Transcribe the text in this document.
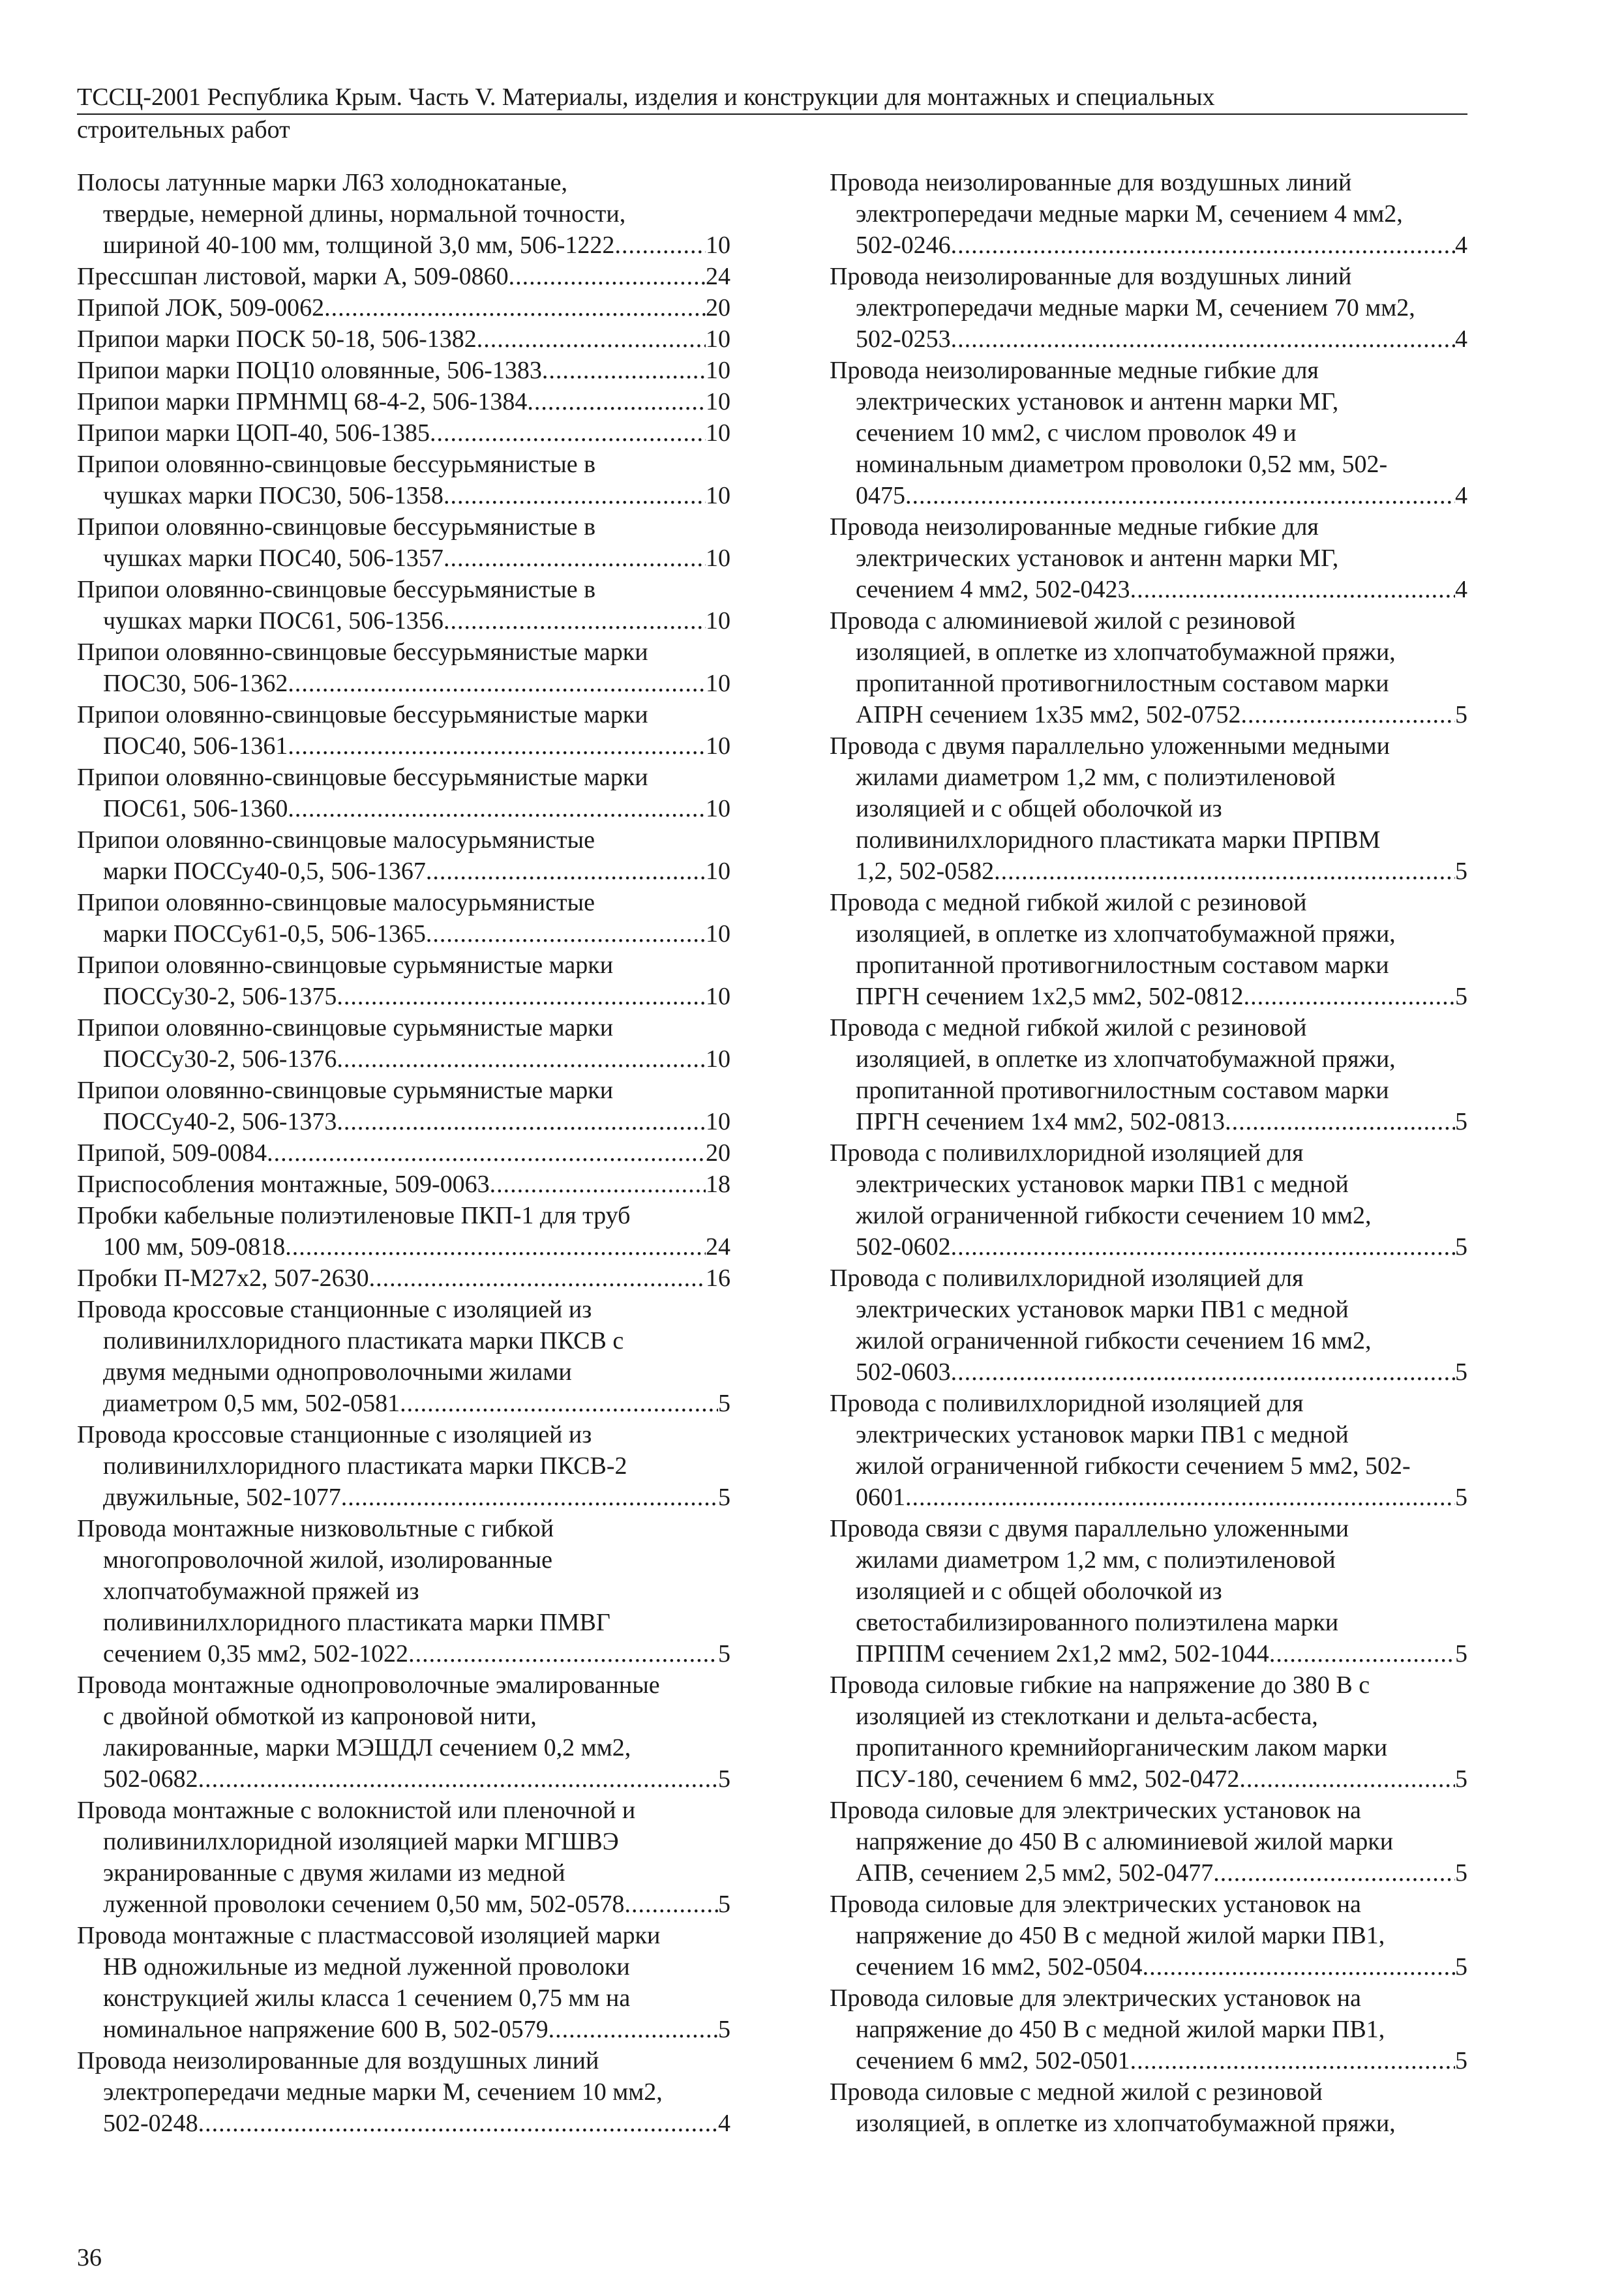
ТССЦ-2001 Республика Крым. Часть V. Материалы, изделия и конструкции для монтажных и специальных
строительных работ
Полосы латунные марки Л63 холоднокатаные,
твердые, немерной длины, нормальной точности,
шириной 40-100 мм, толщиной 3,0 мм, 506-1222 .....	10
Прессшпан листовой, марки А, 509-0860 .....	24
Припой ЛОК, 509-0062 .....	20
Припои марки ПОСК 50-18, 506-1382 .....	10
Припои марки ПОЦ10 оловянные, 506-1383 .....	10
Припои марки ПРМНМЦ 68-4-2, 506-1384 .....	10
Припои марки ЦОП-40, 506-1385 .....	10
Припои оловянно-свинцовые бессурьмянистые в
чушках марки ПОС30, 506-1358 .....	10
Припои оловянно-свинцовые бессурьмянистые в
чушках марки ПОС40, 506-1357 .....	10
Припои оловянно-свинцовые бессурьмянистые в
чушках марки ПОС61, 506-1356 .....	10
Припои оловянно-свинцовые бессурьмянистые марки
ПОС30, 506-1362 .....	10
Припои оловянно-свинцовые бессурьмянистые марки
ПОС40, 506-1361 .....	10
Припои оловянно-свинцовые бессурьмянистые марки
ПОС61, 506-1360 .....	10
Припои оловянно-свинцовые малосурьмянистые
марки ПОССу40-0,5, 506-1367 .....	10
Припои оловянно-свинцовые малосурьмянистые
марки ПОССу61-0,5, 506-1365 .....	10
Припои оловянно-свинцовые сурьмянистые марки
ПОССу30-2, 506-1375 .....	10
Припои оловянно-свинцовые сурьмянистые марки
ПОССу30-2, 506-1376 .....	10
Припои оловянно-свинцовые сурьмянистые марки
ПОССу40-2, 506-1373 .....	10
Припой, 509-0084 .....	20
Приспособления монтажные, 509-0063 .....	18
Пробки кабельные полиэтиленовые ПКП-1 для труб
100 мм, 509-0818 .....	24
Пробки П-М27х2, 507-2630 .....	16
Провода кроссовые станционные с изоляцией из
поливинилхлоридного пластиката марки ПКСВ с
двумя медными однопроволочными жилами
диаметром 0,5 мм, 502-0581 .....	5
Провода кроссовые станционные с изоляцией из
поливинилхлоридного пластиката марки ПКСВ-2
двужильные, 502-1077 .....	5
Провода монтажные низковольтные с гибкой
многопроволочной жилой, изолированные
хлопчатобумажной пряжей из
поливинилхлоридного пластиката марки ПМВГ
сечением 0,35 мм2, 502-1022 .....	5
Провода монтажные однопроволочные эмалированные
с двойной обмоткой из капроновой нити,
лакированные, марки МЭШДЛ сечением 0,2 мм2,
502-0682 .....	5
Провода монтажные с волокнистой или пленочной и
поливинилхлоридной изоляцией марки МГШВЭ
экранированные с двумя жилами из медной
луженной проволоки сечением 0,50 мм, 502-0578 .....	5
Провода монтажные с пластмассовой изоляцией марки
НВ одножильные из медной луженной проволоки
конструкцией жилы класса 1 сечением 0,75 мм на
номинальное напряжение 600 В, 502-0579 .....	5
Провода неизолированные для воздушных линий
электропередачи медные марки М, сечением 10 мм2,
502-0248 .....	4
Провода неизолированные для воздушных линий
электропередачи медные марки М, сечением 4 мм2,
502-0246 .....	4
Провода неизолированные для воздушных линий
электропередачи медные марки М, сечением 70 мм2,
502-0253 .....	4
Провода неизолированные медные гибкие для
электрических установок и антенн марки МГ,
сечением 10 мм2, с числом проволок 49 и
номинальным диаметром проволоки 0,52 мм, 502-
0475 .....	4
Провода неизолированные медные гибкие для
электрических установок и антенн марки МГ,
сечением 4 мм2, 502-0423 .....	4
Провода с алюминиевой жилой с резиновой
изоляцией, в оплетке из хлопчатобумажной пряжи,
пропитанной противогнилостным составом марки
АПРН сечением 1х35 мм2, 502-0752 .....	5
Провода с двумя параллельно уложенными медными
жилами диаметром 1,2 мм, с полиэтиленовой
изоляцией и с общей оболочкой из
поливинилхлоридного пластиката марки ПРПВМ
1,2, 502-0582 .....	5
Провода с медной гибкой жилой с резиновой
изоляцией, в оплетке из хлопчатобумажной пряжи,
пропитанной противогнилостным составом марки
ПРГН сечением 1х2,5 мм2, 502-0812 .....	5
Провода с медной гибкой жилой с резиновой
изоляцией, в оплетке из хлопчатобумажной пряжи,
пропитанной противогнилостным составом марки
ПРГН сечением 1х4 мм2, 502-0813 .....	5
Провода с поливилхлоридной изоляцией для
электрических установок марки ПВ1 с медной
жилой ограниченной гибкости сечением 10 мм2,
502-0602 .....	5
Провода с поливилхлоридной изоляцией для
электрических установок марки ПВ1 с медной
жилой ограниченной гибкости сечением 16 мм2,
502-0603 .....	5
Провода с поливилхлоридной изоляцией для
электрических установок марки ПВ1 с медной
жилой ограниченной гибкости сечением 5 мм2, 502-
0601 .....	5
Провода связи с двумя параллельно уложенными
жилами диаметром 1,2 мм, с полиэтиленовой
изоляцией и с общей оболочкой из
светостабилизированного полиэтилена марки
ПРППМ сечением 2х1,2 мм2, 502-1044 .....	5
Провода силовые гибкие на напряжение до 380 В с
изоляцией из стеклоткани и дельта-асбеста,
пропитанного кремнийорганическим лаком марки
ПСУ-180, сечением 6 мм2, 502-0472 .....	5
Провода силовые для электрических установок на
напряжение до 450 В с алюминиевой жилой марки
АПВ, сечением 2,5 мм2, 502-0477 .....	5
Провода силовые для электрических установок на
напряжение до 450 В с медной жилой марки ПВ1,
сечением 16 мм2, 502-0504 .....	5
Провода силовые для электрических установок на
напряжение до 450 В с медной жилой марки ПВ1,
сечением 6 мм2, 502-0501 .....	5
Провода силовые с медной жилой с резиновой
изоляцией, в оплетке из хлопчатобумажной пряжи,
36
